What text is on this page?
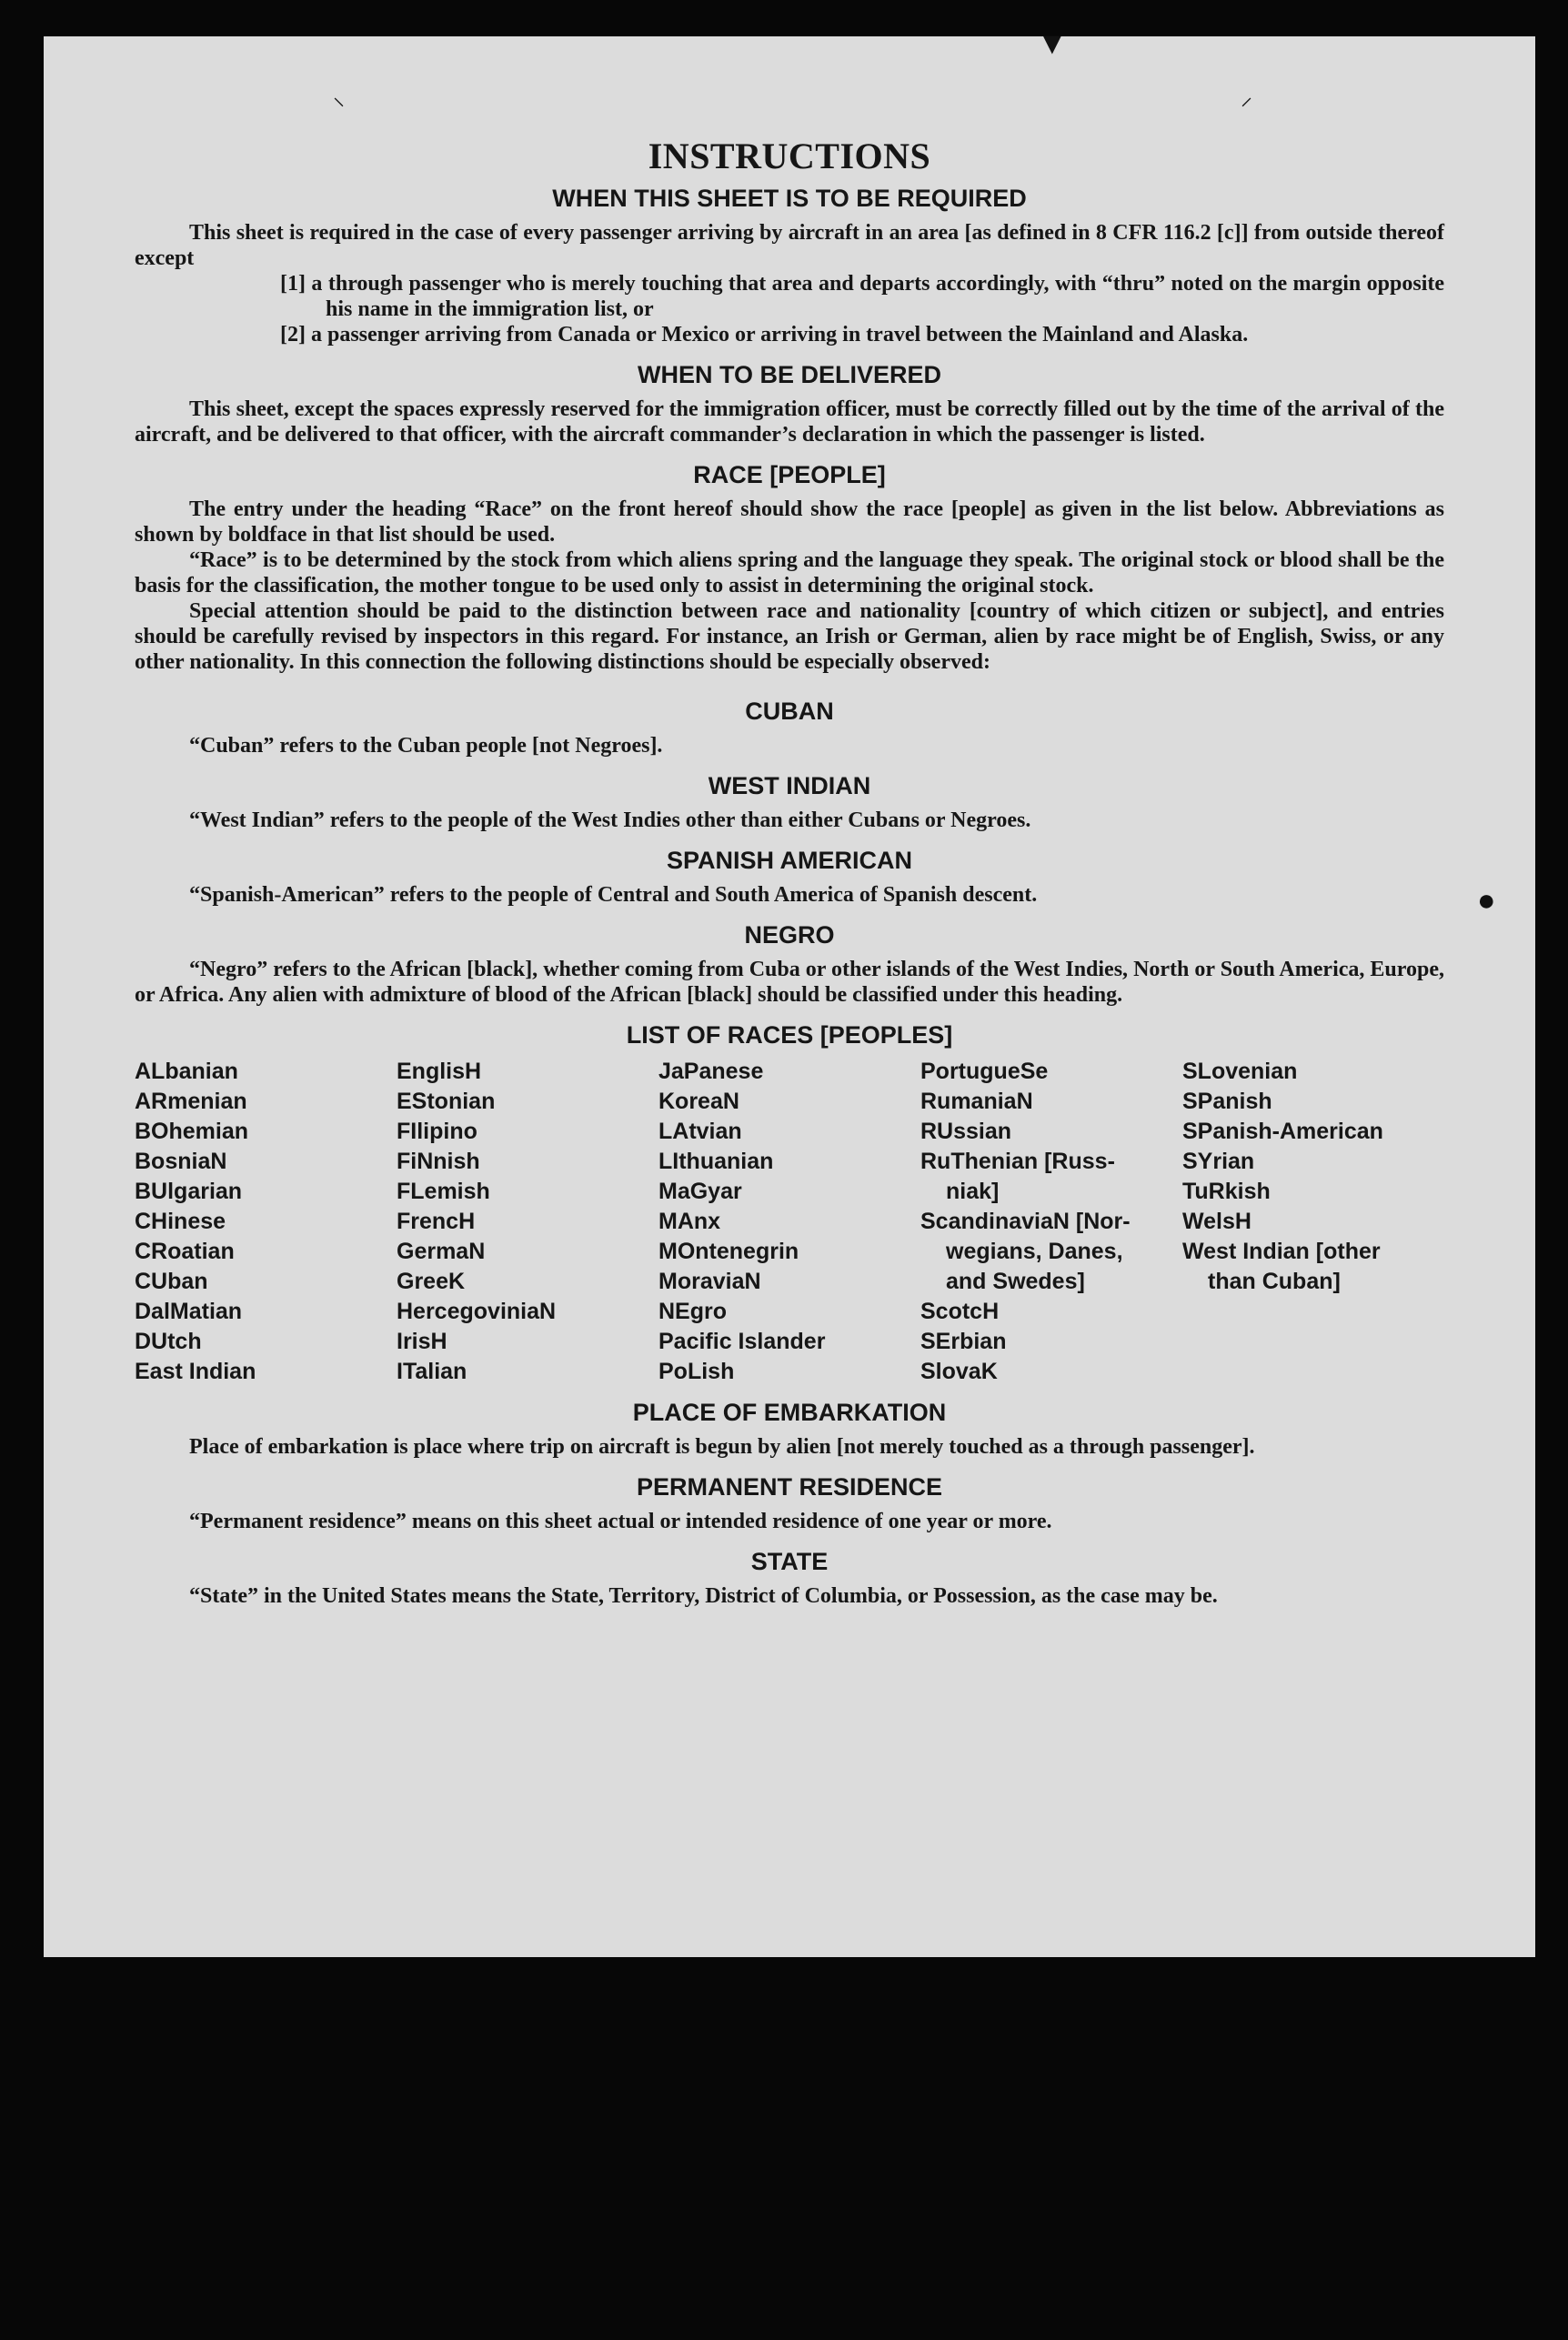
▼
⸌	⸍
●
INSTRUCTIONS
WHEN THIS SHEET IS TO BE REQUIRED

This sheet is required in the case of every passenger arriving by aircraft in an area [as defined in 8 CFR 116.2 [c]] from outside thereof except

[1] a through passenger who is merely touching that area and departs accordingly, with “thru” noted on the margin opposite his name in the immigration list, or

[2] a passenger arriving from Canada or Mexico or arriving in travel between the Mainland and Alaska.

WHEN TO BE DELIVERED

This sheet, except the spaces expressly reserved for the immigration officer, must be correctly filled out by the time of the arrival of the aircraft, and be delivered to that officer, with the aircraft commander’s declaration in which the passenger is listed.

RACE [PEOPLE]

The entry under the heading “Race” on the front hereof should show the race [people] as given in the list below. Abbreviations as shown by boldface in that list should be used.

“Race” is to be determined by the stock from which aliens spring and the language they speak. The original stock or blood shall be the basis for the classification, the mother tongue to be used only to assist in determining the original stock.

Special attention should be paid to the distinction between race and nationality [country of which citizen or subject], and entries should be carefully revised by inspectors in this regard. For instance, an Irish or German, alien by race might be of English, Swiss, or any other nationality. In this connection the following distinctions should be especially observed:

CUBAN

“Cuban” refers to the Cuban people [not Negroes].

WEST INDIAN

“West Indian” refers to the people of the West Indies other than either Cubans or Negroes.

SPANISH AMERICAN

“Spanish-American” refers to the people of Central and South America of Spanish descent.

NEGRO

“Negro” refers to the African [black], whether coming from Cuba or other islands of the West Indies, North or South America, Europe, or Africa. Any alien with admixture of blood of the African [black] should be classified under this heading.

LIST OF RACES [PEOPLES]
ALbanian
ARmenian
BOhemian
BosniaN
BUlgarian
CHinese
CRoatian
CUban
DalMatian
DUtch
East Indian
EnglisH
EStonian
FIlipino
FiNnish
FLemish
FrencH
GermaN
GreeK
HercegoviniaN
IrisH
ITalian
JaPanese
KoreaN
LAtvian
LIthuanian
MaGyar
MAnx
MOntenegrin
MoraviaN
NEgro
Pacific Islander
PoLish
PortugueSe
RumaniaN
RUssian
RuThenian [Russ-
niak]
ScandinaviaN [Nor-
wegians, Danes,
and Swedes]
ScotcH
SErbian
SlovaK
SLovenian
SPanish
SPanish-American
SYrian
TuRkish
WelsH
West Indian [other
than Cuban]
PLACE OF EMBARKATION

Place of embarkation is place where trip on aircraft is begun by alien [not merely touched as a through passenger].

PERMANENT RESIDENCE

“Permanent residence” means on this sheet actual or intended residence of one year or more.

STATE

“State” in the United States means the State, Territory, District of Columbia, or Possession, as the case may be.
